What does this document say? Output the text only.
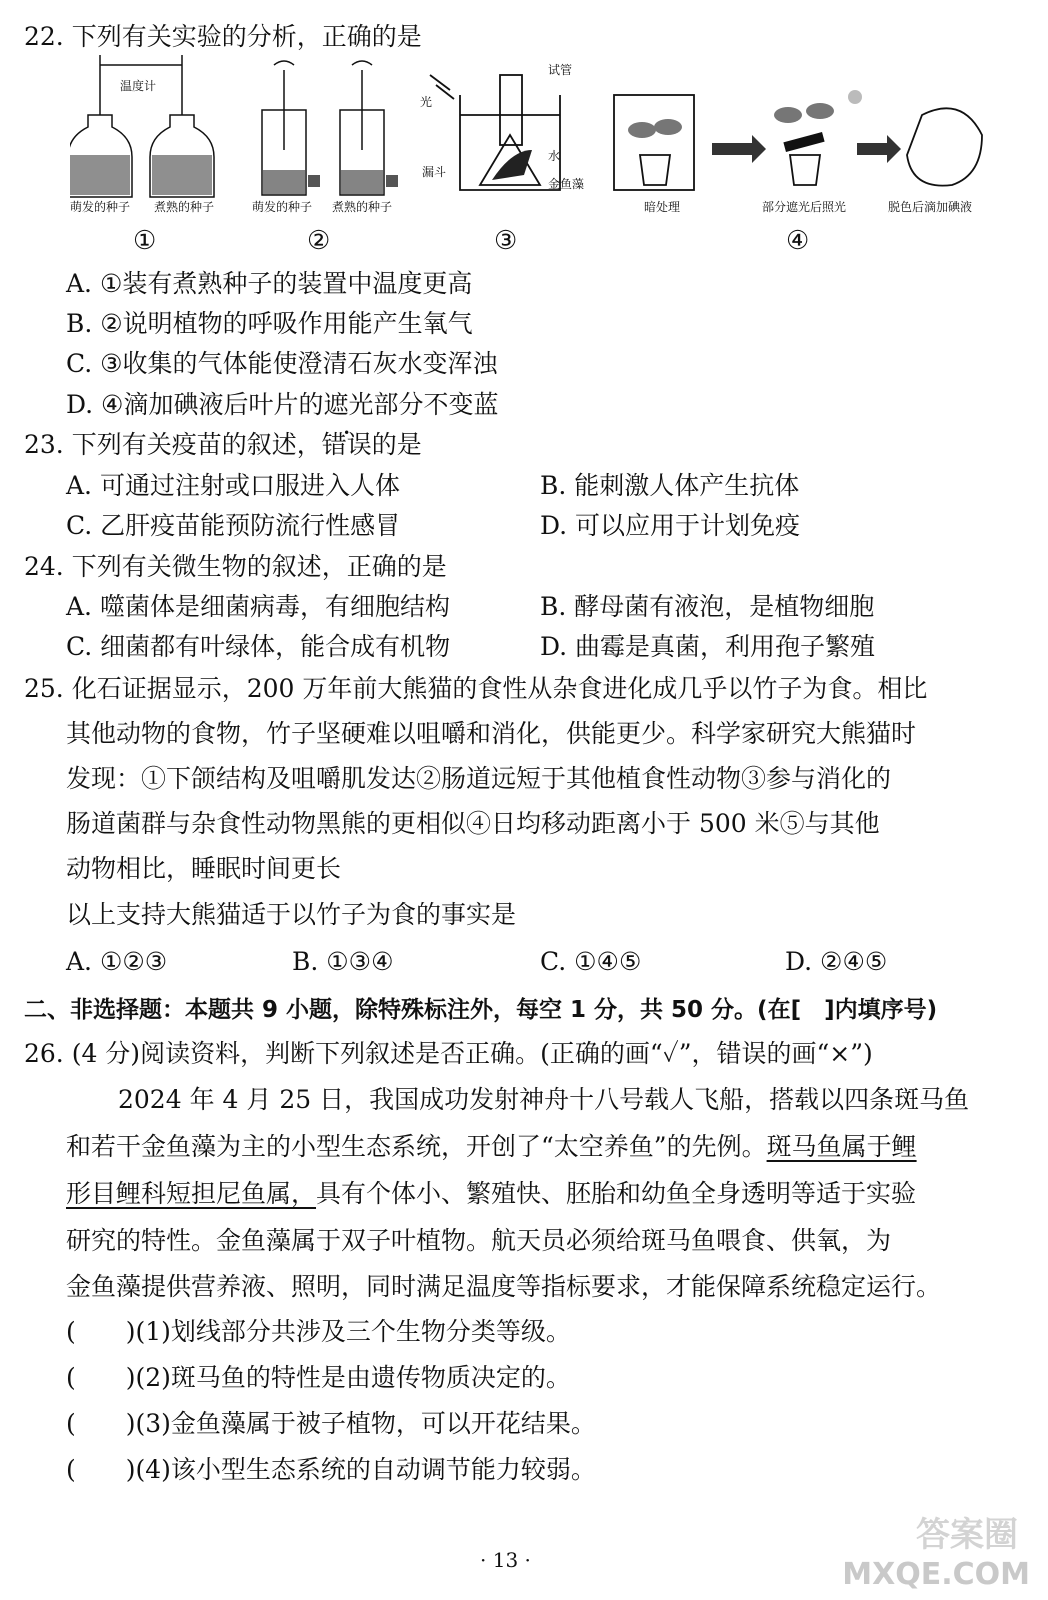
22. 下列有关实验的分析，正确的是
温度计
萌发的种子 煮熟的种子	萌发的种子 煮熟的种子
光
试管
漏斗
水
金鱼藻
暗处理	部分遮光后照光	脱色后滴加碘液
①	②	③	④
A. ①装有煮熟种子的装置中温度更高
B. ②说明植物的呼吸作用能产生氧气
C. ③收集的气体能使澄清石灰水变浑浊
D. ④滴加碘液后叶片的遮光部分不变蓝
23. 下列有关疫苗的叙述，错误的是
A. 可通过注射或口服进入人体	B. 能刺激人体产生抗体
C. 乙肝疫苗能预防流行性感冒	D. 可以应用于计划免疫
24. 下列有关微生物的叙述，正确的是
A. 噬菌体是细菌病毒，有细胞结构	B. 酵母菌有液泡，是植物细胞
C. 细菌都有叶绿体，能合成有机物	D. 曲霉是真菌，利用孢子繁殖
25. 化石证据显示，200 万年前大熊猫的食性从杂食进化成几乎以竹子为食。相比
其他动物的食物，竹子坚硬难以咀嚼和消化，供能更少。科学家研究大熊猫时
发现：①下颌结构及咀嚼肌发达②肠道远短于其他植食性动物③参与消化的
肠道菌群与杂食性动物黑熊的更相似④日均移动距离小于 500 米⑤与其他
动物相比，睡眠时间更长
以上支持大熊猫适于以竹子为食的事实是
A. ①②③	B. ①③④	C. ①④⑤	D. ②④⑤
二、非选择题：本题共 9 小题，除特殊标注外，每空 1 分，共 50 分。(在[　]内填序号)
26. (4 分)阅读资料，判断下列叙述是否正确。(正确的画“✓”，错误的画“×”)
2024 年 4 月 25 日，我国成功发射神舟十八号载人飞船，搭载以四条斑马鱼
和若干金鱼藻为主的小型生态系统，开创了“太空养鱼”的先例。斑马鱼属于鲤
形目鲤科短担尼鱼属，具有个体小、繁殖快、胚胎和幼鱼全身透明等适于实验
研究的特性。金鱼藻属于双子叶植物。航天员必须给斑马鱼喂食、供氧，为
金鱼藻提供营养液、照明，同时满足温度等指标要求，才能保障系统稳定运行。
(　　)(1)划线部分共涉及三个生物分类等级。
(　　)(2)斑马鱼的特性是由遗传物质决定的。
(　　)(3)金鱼藻属于被子植物，可以开花结果。
(　　)(4)该小型生态系统的自动调节能力较弱。
· 13 ·
答案圈
MXQE.COM
